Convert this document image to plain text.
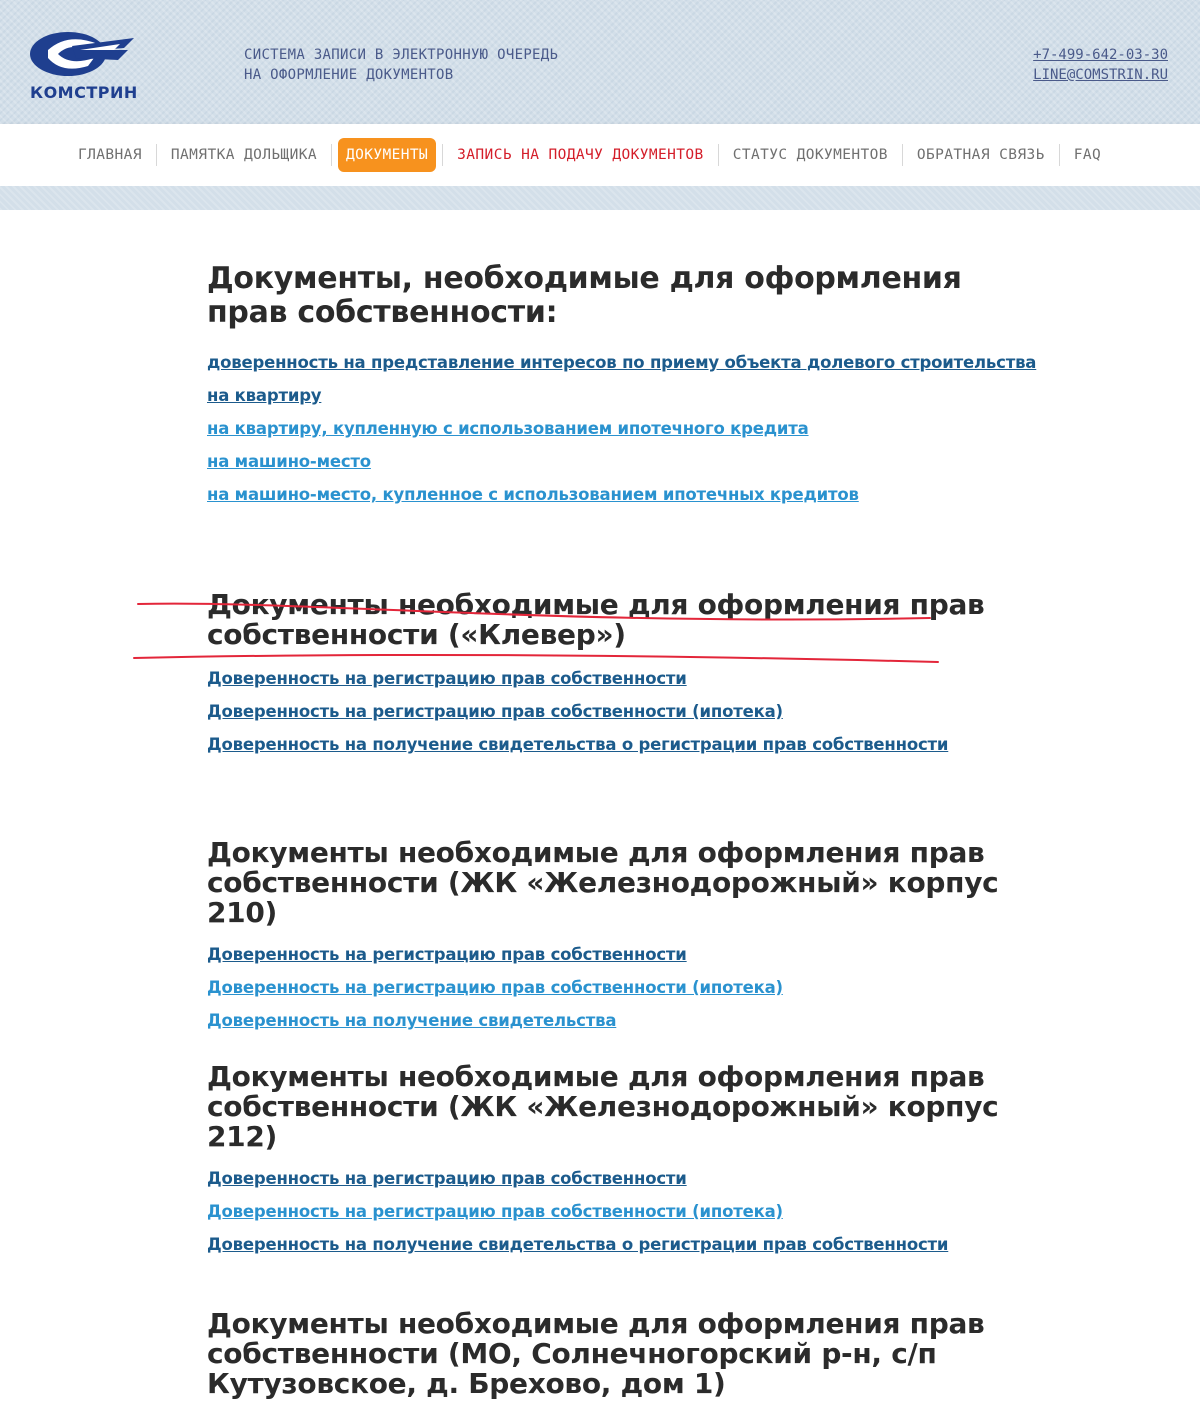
КОМСТРИН
СИСТЕМА ЗАПИСИ В ЭЛЕКТРОННУЮ ОЧЕРЕДЬ
НА ОФОРМЛЕНИЕ ДОКУМЕНТОВ
+7-499-642-03-30
LINE@COMSTRIN.RU
ГЛАВНАЯ	ПАМЯТКА ДОЛЬЩИКА	ДОКУМЕНТЫ	ЗАПИСЬ НА ПОДАЧУ ДОКУМЕНТОВ	СТАТУС ДОКУМЕНТОВ	ОБРАТНАЯ СВЯЗЬ	FAQ
Документы, необходимые для оформления прав собственности:
доверенность на представление интересов по приему объекта долевого строительства
на квартиру
на квартиру, купленную с использованием ипотечного кредита
на машино-место
на машино-место, купленное с использованием ипотечных кредитов
Документы необходимые для оформления прав собственности («Клевер»)
Доверенность на регистрацию прав собственности
Доверенность на регистрацию прав собственности (ипотека)
Доверенность на получение свидетельства о регистрации прав собственности
Документы необходимые для оформления прав собственности (ЖК «Железнодорожный» корпус 210)
Доверенность на регистрацию прав собственности
Доверенность на регистрацию прав собственности (ипотека)
Доверенность на получение свидетельства
Документы необходимые для оформления прав собственности (ЖК «Железнодорожный» корпус 212)
Доверенность на регистрацию прав собственности
Доверенность на регистрацию прав собственности (ипотека)
Доверенность на получение свидетельства о регистрации прав собственности
Документы необходимые для оформления прав собственности (МО, Солнечногорский р-н, с/п Кутузовское, д. Брехово, дом 1)
